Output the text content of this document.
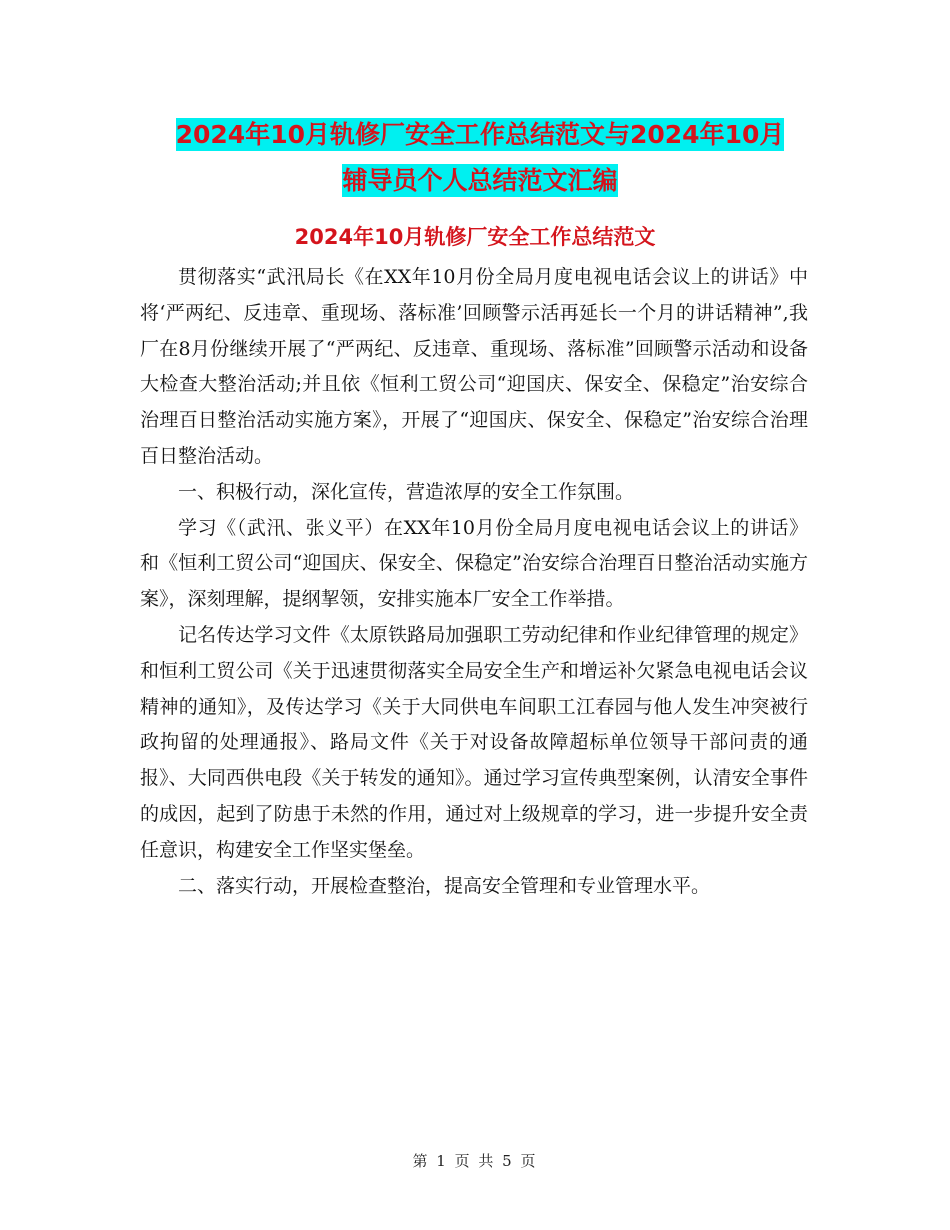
2024年10月轨修厂安全工作总结范文与2024年10月
辅导员个人总结范文汇编
2024年10月轨修厂安全工作总结范文

贯彻落实“武汛局长《在XX年10月份全局月度电视电话会议上的讲话》中将‘严两纪、反违章、重现场、落标准’回顾警示活再延长一个月的讲话精神”,我厂在8月份继续开展了“严两纪、反违章、重现场、落标准”回顾警示活动和设备大检查大整治活动;并且依《恒利工贸公司“迎国庆、保安全、保稳定”治安综合治理百日整治活动实施方案》，开展了“迎国庆、保安全、保稳定”治安综合治理百日整治活动。

一、积极行动，深化宣传，营造浓厚的安全工作氛围。

学习《（武汛、张义平）在XX年10月份全局月度电视电话会议上的讲话》和《恒利工贸公司“迎国庆、保安全、保稳定”治安综合治理百日整治活动实施方案》，深刻理解，提纲挈领，安排实施本厂安全工作举措。

记名传达学习文件《太原铁路局加强职工劳动纪律和作业纪律管理的规定》和恒利工贸公司《关于迅速贯彻落实全局安全生产和增运补欠紧急电视电话会议精神的通知》，及传达学习《关于大同供电车间职工江春园与他人发生冲突被行政拘留的处理通报》、路局文件《关于对设备故障超标单位领导干部问责的通报》、大同西供电段《关于转发的通知》。通过学习宣传典型案例，认清安全事件的成因，起到了防患于未然的作用，通过对上级规章的学习，进一步提升安全责任意识，构建安全工作坚实堡垒。

二、落实行动，开展检查整治，提高安全管理和专业管理水平。

第 1 页 共 5 页
